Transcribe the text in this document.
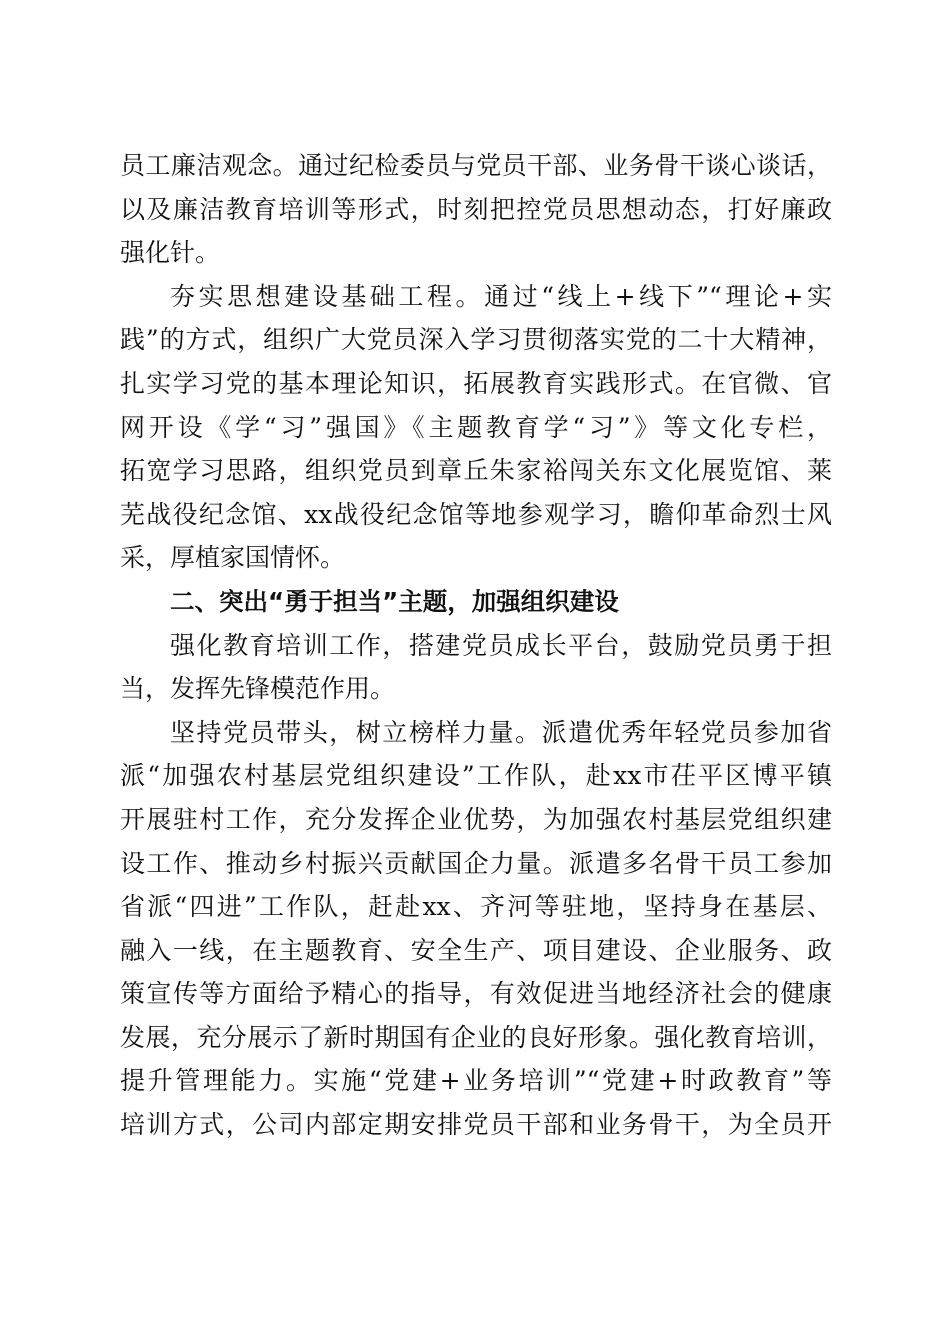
员工廉洁观念。通过纪检委员与党员干部、业务骨干谈心谈话，
以及廉洁教育培训等形式，时刻把控党员思想动态，打好廉政
强化针。
夯实思想建设基础工程。通过“线上+线下”“理论+实
践”的方式，组织广大党员深入学习贯彻落实党的二十大精神，
扎实学习党的基本理论知识，拓展教育实践形式。在官微、官
网开设《学“习”强国》《主题教育学“习”》等文化专栏，
拓宽学习思路，组织党员到章丘朱家裕闯关东文化展览馆、莱
芜战役纪念馆、xx战役纪念馆等地参观学习，瞻仰革命烈士风
采，厚植家国情怀。
二、突出“勇于担当”主题，加强组织建设
强化教育培训工作，搭建党员成长平台，鼓励党员勇于担
当，发挥先锋模范作用。
坚持党员带头，树立榜样力量。派遣优秀年轻党员参加省
派“加强农村基层党组织建设”工作队，赴xx市茌平区博平镇
开展驻村工作，充分发挥企业优势，为加强农村基层党组织建
设工作、推动乡村振兴贡献国企力量。派遣多名骨干员工参加
省派“四进”工作队，赶赴xx、齐河等驻地，坚持身在基层、
融入一线，在主题教育、安全生产、项目建设、企业服务、政
策宣传等方面给予精心的指导，有效促进当地经济社会的健康
发展，充分展示了新时期国有企业的良好形象。强化教育培训，
提升管理能力。实施“党建+业务培训”“党建+时政教育”等
培训方式，公司内部定期安排党员干部和业务骨干，为全员开
